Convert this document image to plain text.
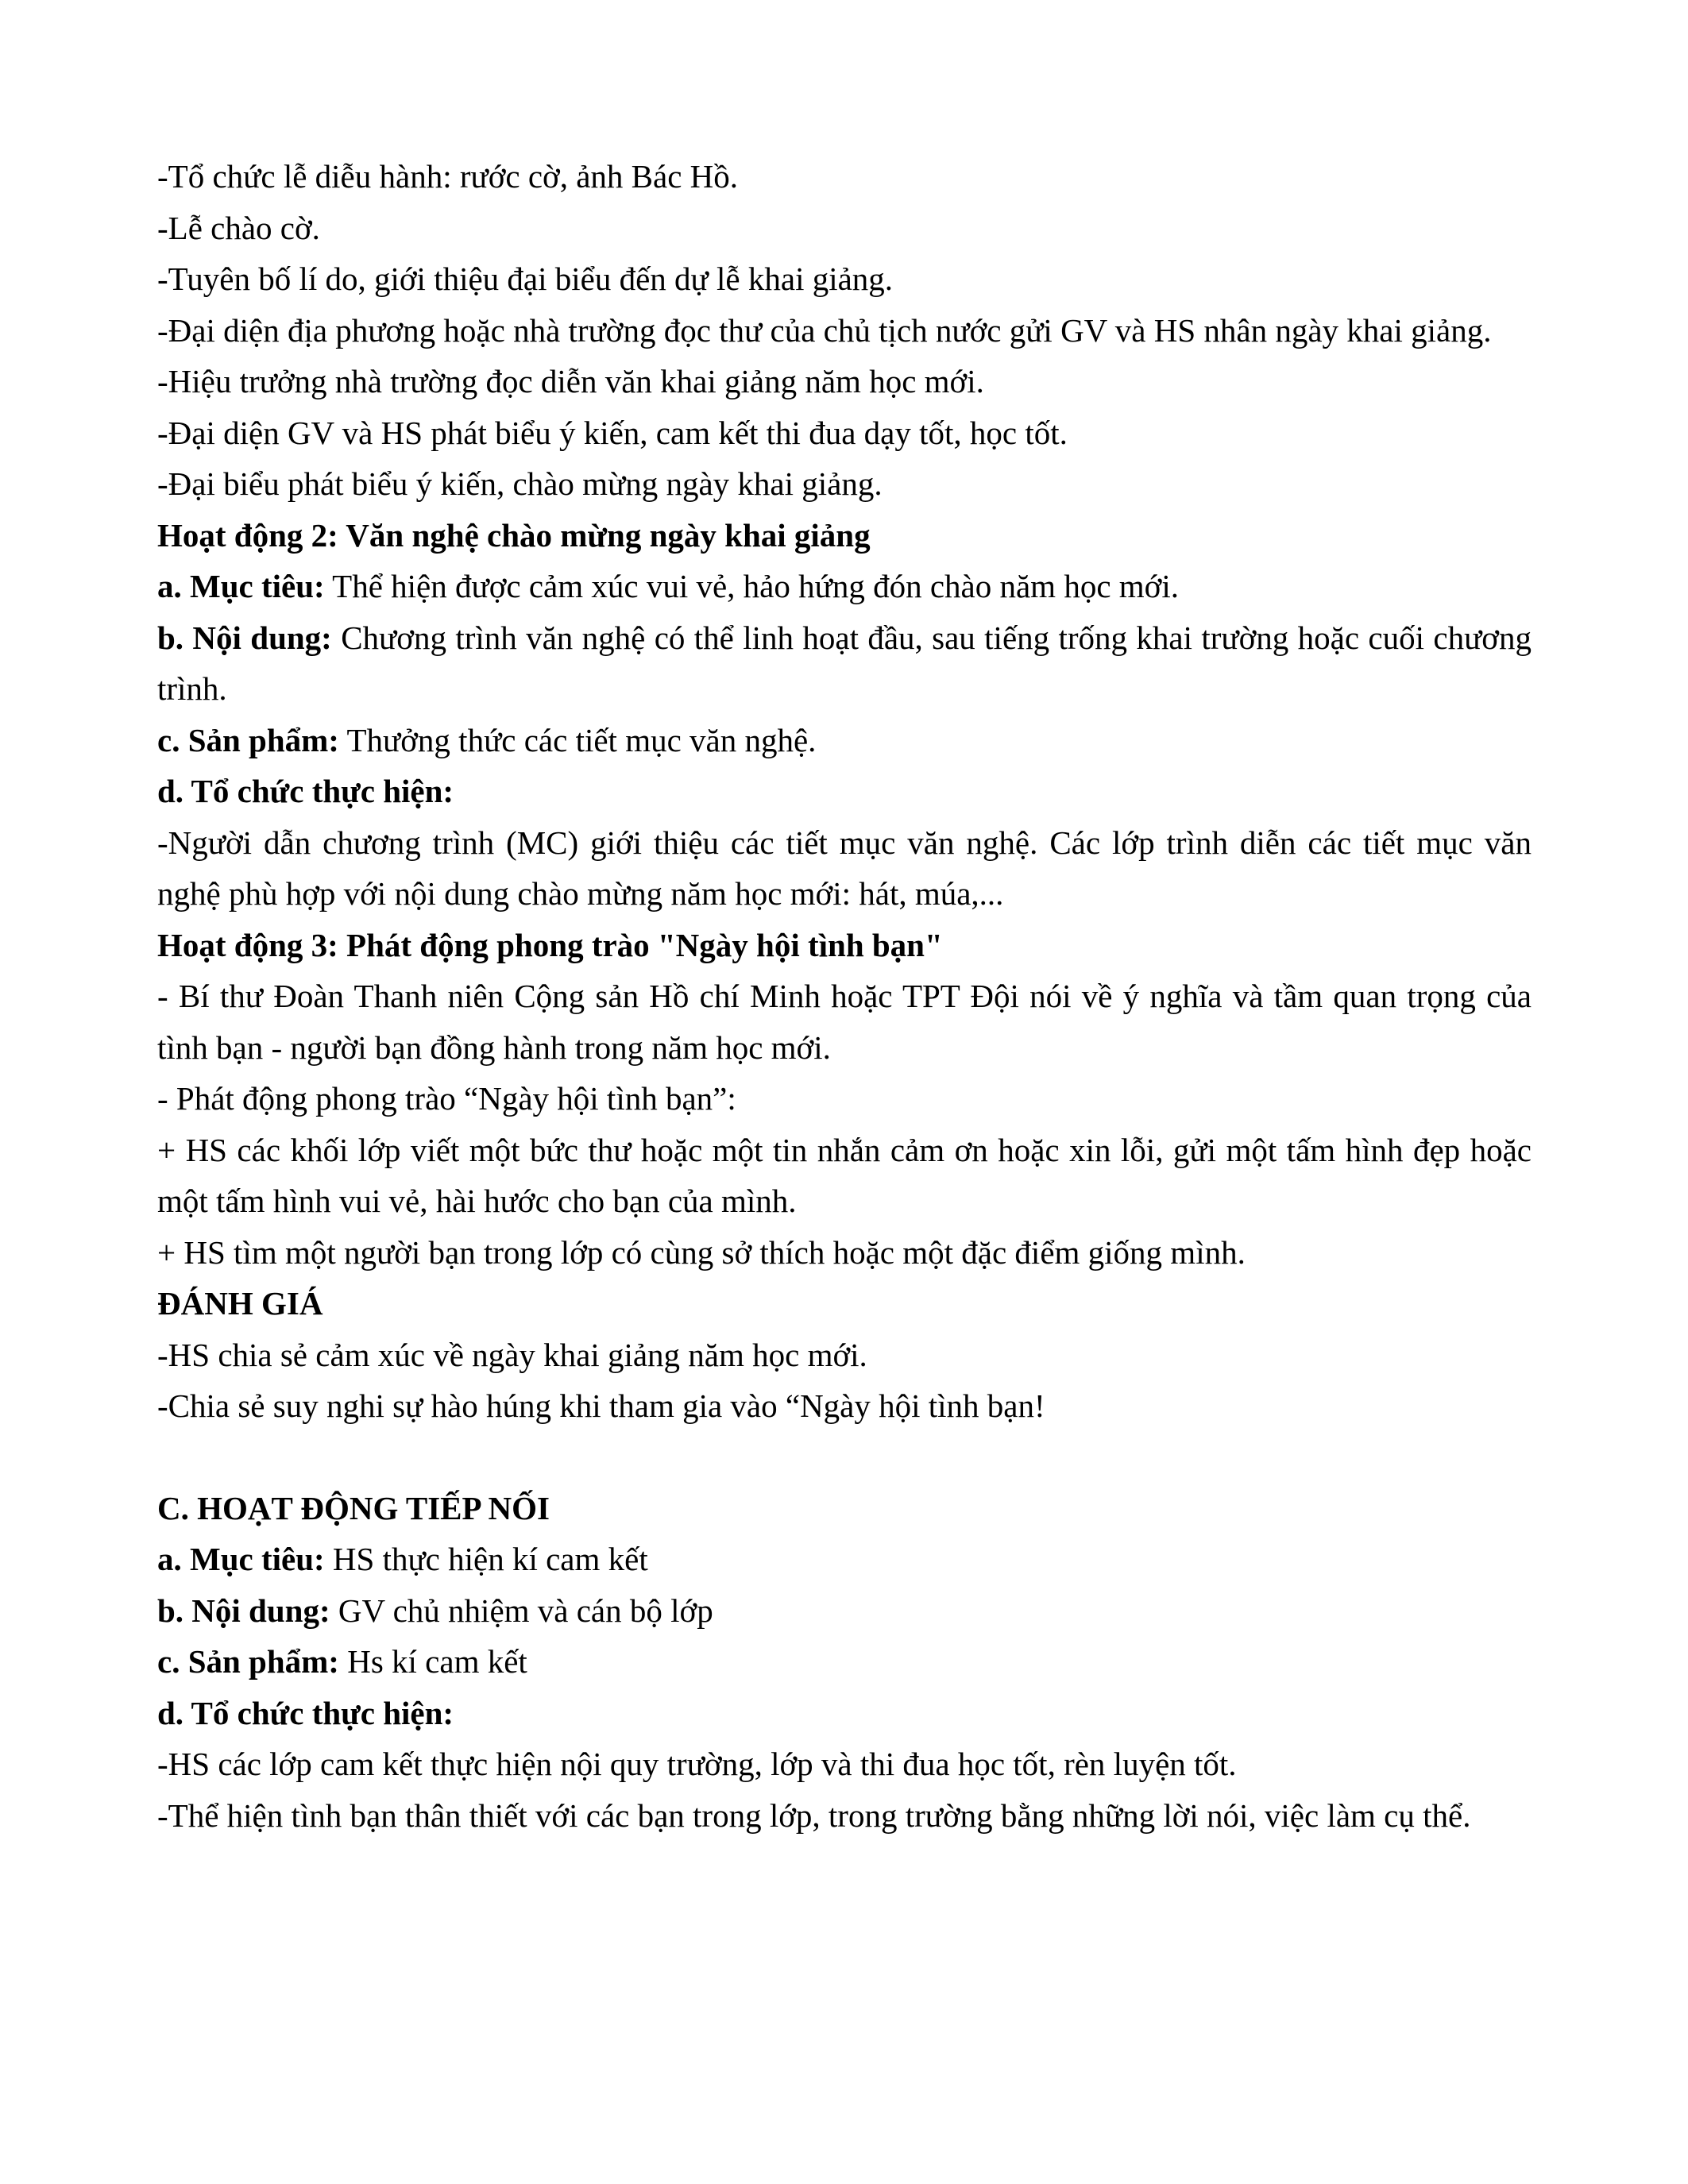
-Tổ chức lễ diễu hành: rước cờ, ảnh Bác Hồ.
-Lễ chào cờ.
-Tuyên bố lí do, giới thiệu đại biểu đến dự lễ khai giảng.
-Đại diện địa phương hoặc nhà trường đọc thư của chủ tịch nước gửi GV và HS nhân ngày khai giảng.
-Hiệu trưởng nhà trường đọc diễn văn khai giảng năm học mới.
-Đại diện GV và HS phát biểu ý kiến, cam kết thi đua dạy tốt, học tốt.
-Đại biểu phát biểu ý kiến, chào mừng ngày khai giảng.
Hoạt động 2: Văn nghệ chào mừng ngày khai giảng
a. Mục tiêu: Thể hiện được cảm xúc vui vẻ, hảo hứng đón chào năm học mới.
b. Nội dung: Chương trình văn nghệ có thể linh hoạt đầu, sau tiếng trống khai trường hoặc cuối chương trình.
c. Sản phẩm: Thưởng thức các tiết mục văn nghệ.
d. Tổ chức thực hiện:
-Người dẫn chương trình (MC) giới thiệu các tiết mục văn nghệ. Các lớp trình diễn các tiết mục văn nghệ phù hợp với nội dung chào mừng năm học mới: hát, múa,...
Hoạt động 3: Phát động phong trào "Ngày hội tình bạn"
- Bí thư Đoàn Thanh niên Cộng sản Hồ chí Minh hoặc TPT Đội nói về ý nghĩa và tầm quan trọng của tình bạn - người bạn đồng hành trong năm học mới.
- Phát động phong trào “Ngày hội tình bạn”:
+ HS các khối lớp viết một bức thư hoặc một tin nhắn cảm ơn hoặc xin lỗi, gửi một tấm hình đẹp hoặc một tấm hình vui vẻ, hài hước cho bạn của mình.
+ HS tìm một người bạn trong lớp có cùng sở thích hoặc một đặc điểm giống mình.
ĐÁNH GIÁ
-HS chia sẻ cảm xúc về ngày khai giảng năm học mới.
-Chia sẻ suy nghi sự hào húng khi tham gia vào “Ngày hội tình bạn!
C. HOẠT ĐỘNG TIẾP NỐI
a. Mục tiêu: HS thực hiện kí cam kết
b. Nội dung: GV chủ nhiệm và cán bộ lớp
c. Sản phẩm: Hs kí cam kết
d. Tổ chức thực hiện:
-HS các lớp cam kết thực hiện nội quy trường, lớp và thi đua học tốt, rèn luyện tốt.
-Thể hiện tình bạn thân thiết với các bạn trong lớp, trong trường bằng những lời nói, việc làm cụ thể.
